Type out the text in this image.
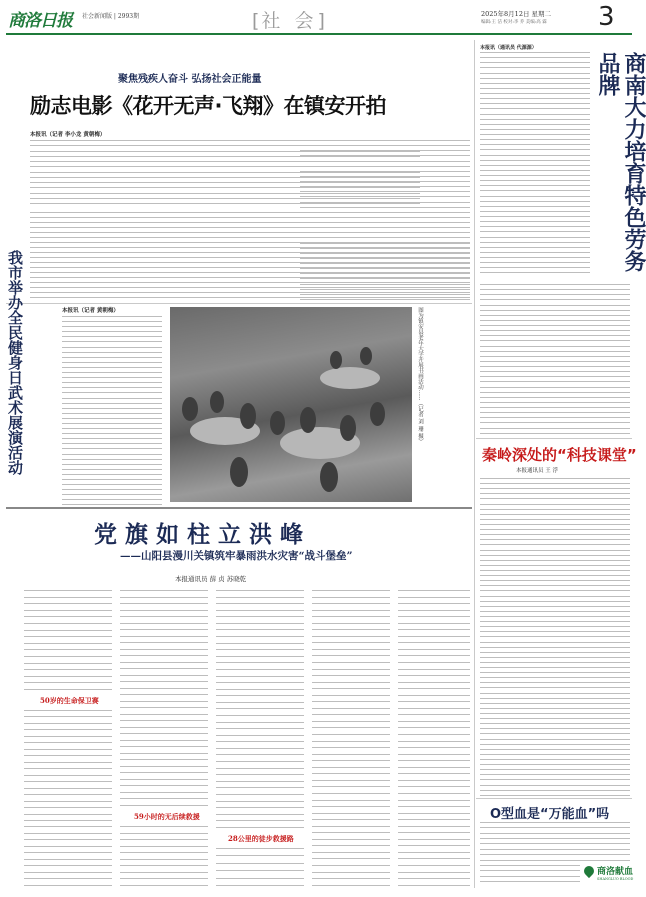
商洛日报	社会新闻版 | 2993期	[社 会]	2025年8月12日 星期二
编辑:王 洁 校对:李 乔 美编:高 霖 3
聚焦残疾人奋斗 弘扬社会正能量
励志电影《花开无声·飞翔》在镇安开拍
本报讯（记者 李小龙 黄朝梅）
我市举办全民健身日武术展演活动	本报讯（记者 黄朝梅）	图为镇安县老年大学开展书画活动……（记者 刘 珊 摄）
本报讯（通讯员 代源源）
商南大力培育特色劳务品牌
秦岭深处的“科技课堂”
本报通讯员 王 浮
O型血是“万能血”吗
商洛献血
SHANGLUO BLOOD
党旗如柱立洪峰
——山阳县漫川关镇筑牢暴雨洪水灾害“战斗堡垒”
本报通讯员 薛 贞 苏晓乾
50岁的生命保卫赛
59小时的无后续救援
28公里的徒步救援路
